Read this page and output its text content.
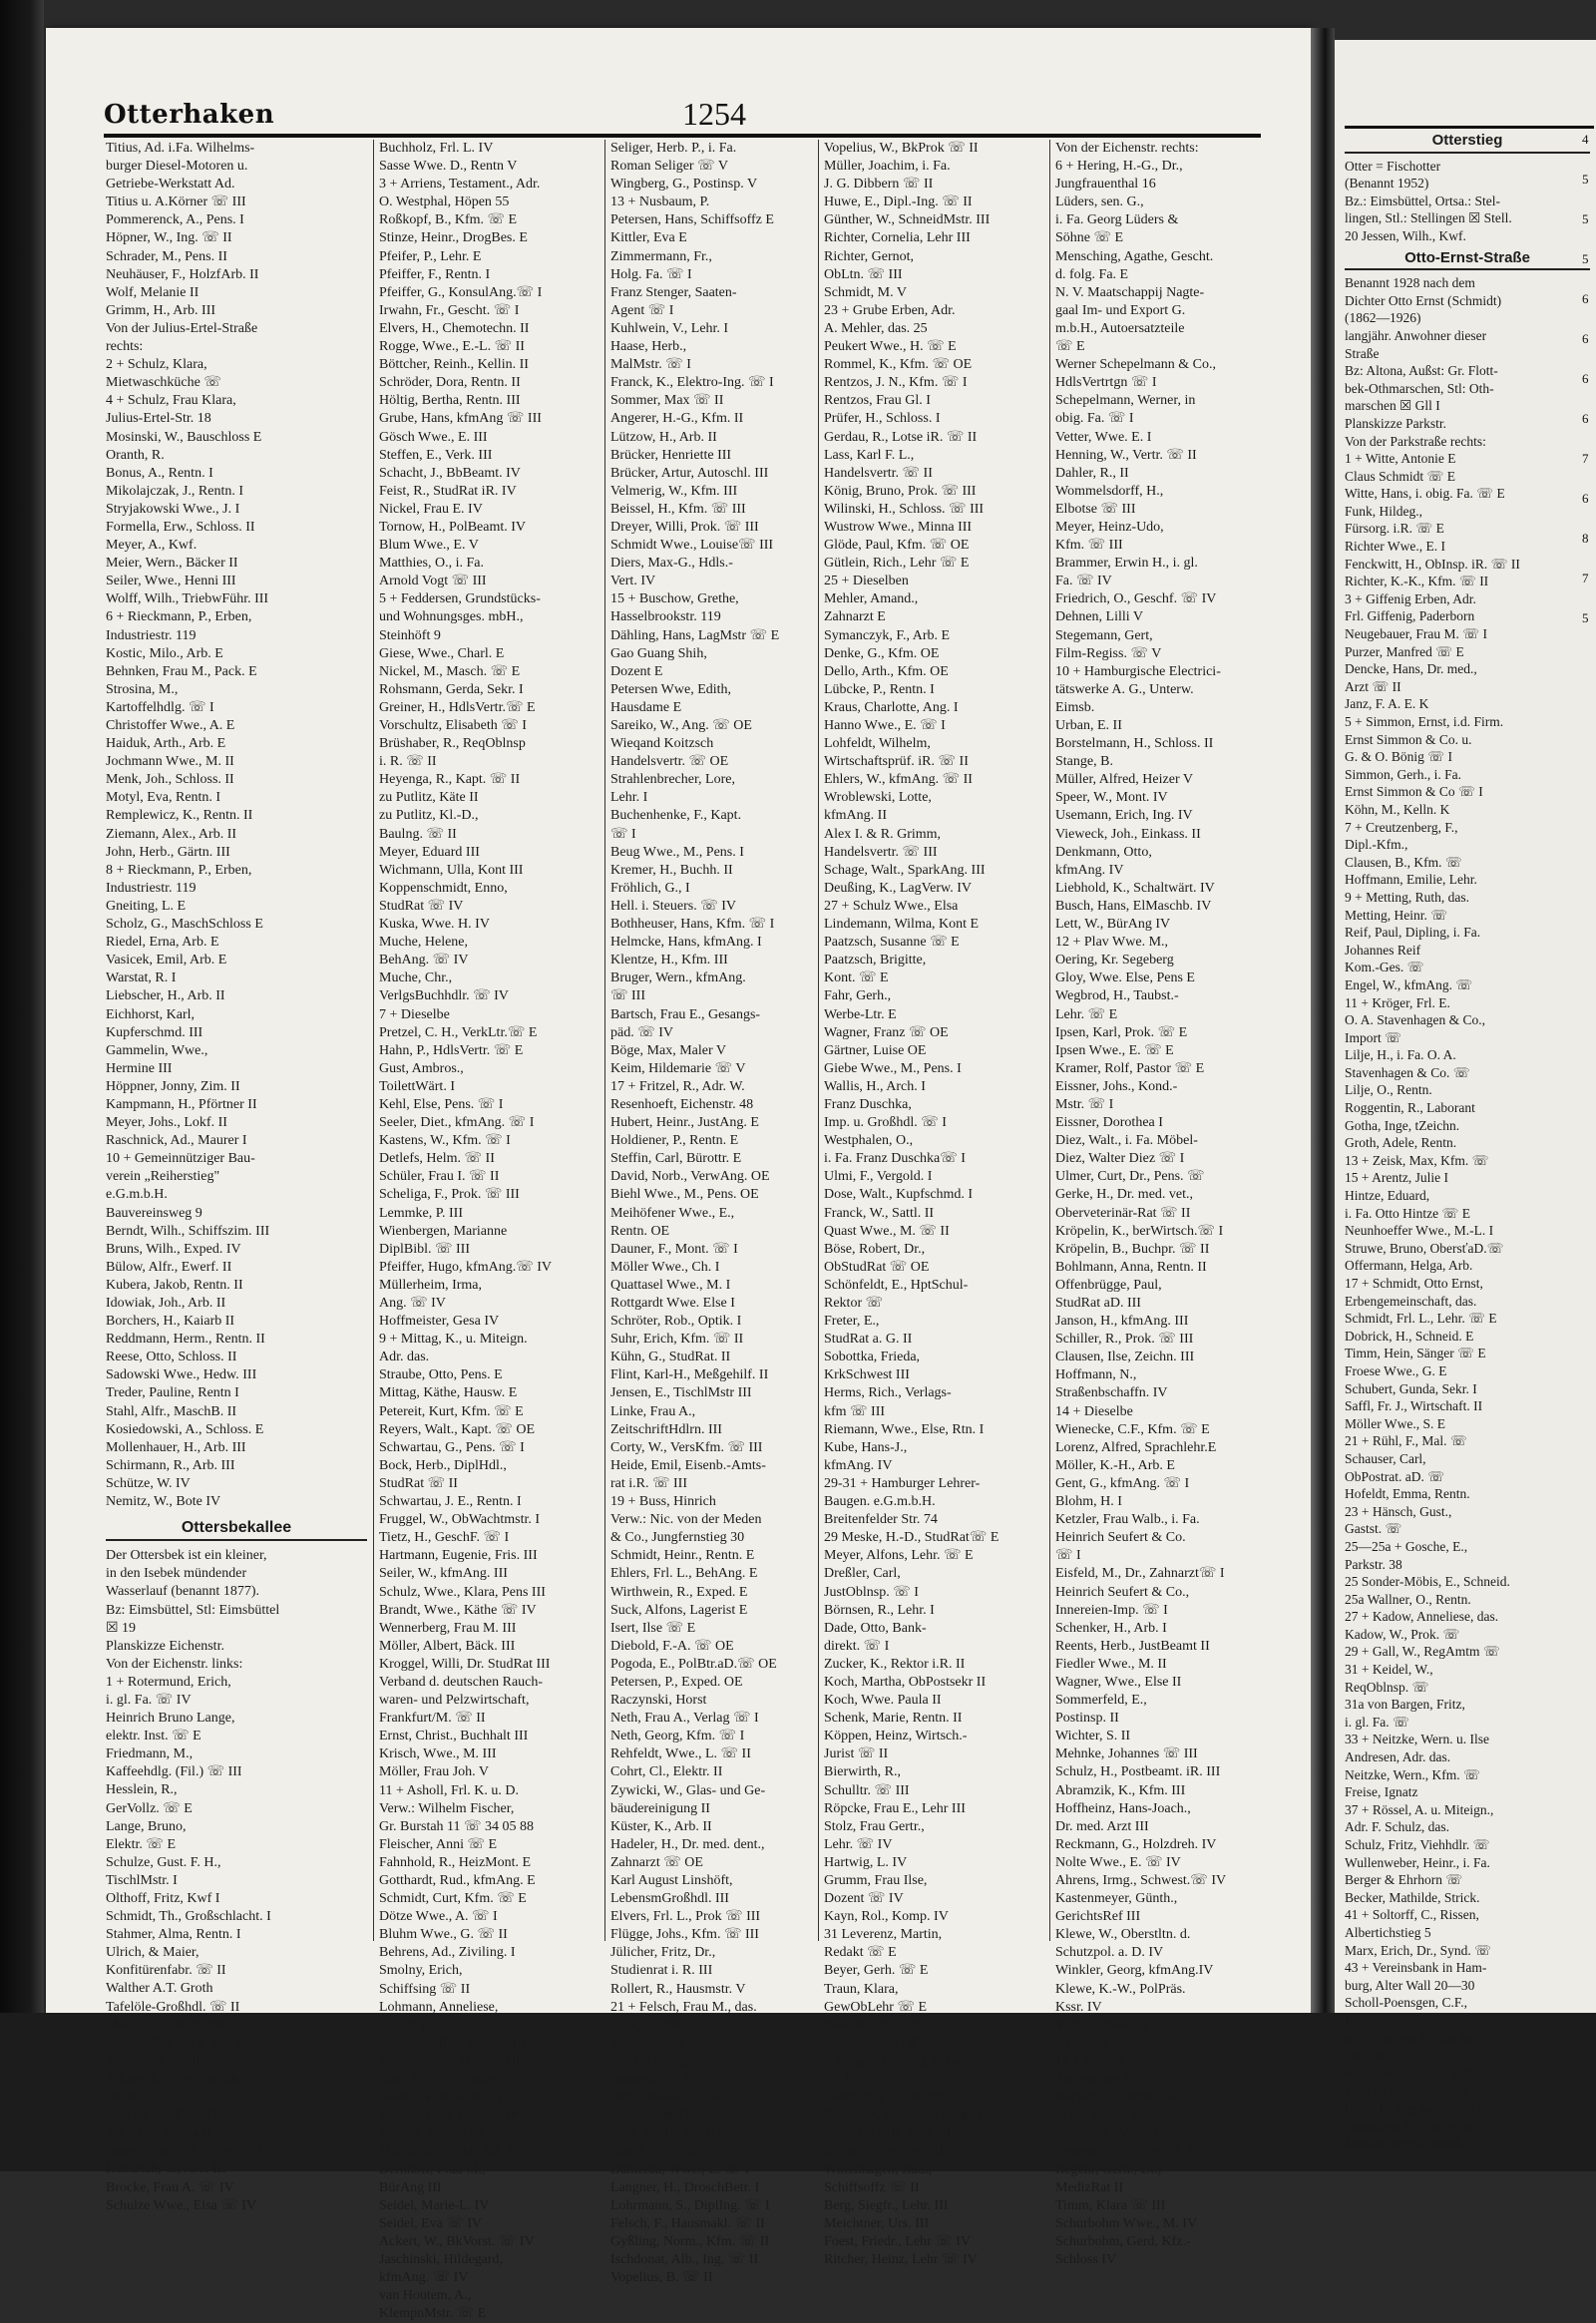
Otterhaken	1254
Titius, Ad. i.Fa. Wilhelms-
burger Diesel-Motoren u.
Getriebe-Werkstatt Ad.
Titius u. A.Körner ☏ III
Pommerenck, A., Pens. I
Höpner, W., Ing. ☏ II
Schrader, M., Pens. II
Neuhäuser, F., HolzfArb. II
Wolf, Melanie II
Grimm, H., Arb. III
Von der Julius-Ertel-Straße
rechts:
2 + Schulz, Klara,
Mietwaschküche ☏
4 + Schulz, Frau Klara,
Julius-Ertel-Str. 18
Mosinski, W., Bauschloss E
Oranth, R.
Bonus, A., Rentn. I
Mikolajczak, J., Rentn. I
Stryjakowski Wwe., J. I
Formella, Erw., Schloss. II
Meyer, A., Kwf.
Meier, Wern., Bäcker II
Seiler, Wwe., Henni III
Wolff, Wilh., TriebwFühr. III
6 + Rieckmann, P., Erben,
Industriestr. 119
Kostic, Milo., Arb. E
Behnken, Frau M., Pack. E
Strosina, M.,
Kartoffelhdlg. ☏ I
Christoffer Wwe., A. E
Haiduk, Arth., Arb. E
Jochmann Wwe., M. II
Menk, Joh., Schloss. II
Motyl, Eva, Rentn. I
Remplewicz, K., Rentn. II
Ziemann, Alex., Arb. II
John, Herb., Gärtn. III
8 + Rieckmann, P., Erben,
Industriestr. 119
Gneiting, L. E
Scholz, G., MaschSchloss E
Riedel, Erna, Arb. E
Vasicek, Emil, Arb. E
Warstat, R. I
Liebscher, H., Arb. II
Eichhorst, Karl,
Kupferschmd. III
Gammelin, Wwe.,
Hermine III
Höppner, Jonny, Zim. II
Kampmann, H., Pförtner II
Meyer, Johs., Lokf. II
Raschnick, Ad., Maurer I
10 + Gemeinnütziger Bau-
verein „Reiherstieg"
e.G.m.b.H.
Bauvereinsweg 9
Berndt, Wilh., Schiffszim. III
Bruns, Wilh., Exped. IV
Bülow, Alfr., Ewerf. II
Kubera, Jakob, Rentn. II
Idowiak, Joh., Arb. II
Borchers, H., Kaiarb II
Reddmann, Herm., Rentn. II
Reese, Otto, Schloss. II
Sadowski Wwe., Hedw. III
Treder, Pauline, Rentn I
Stahl, Alfr., MaschB. II
Kosiedowski, A., Schloss. E
Mollenhauer, H., Arb. III
Schirmann, R., Arb. III
Schütze, W. IV
Nemitz, W., Bote IV
Ottersbekallee
Der Ottersbek ist ein kleiner,
in den Isebek mündender
Wasserlauf (benannt 1877).
Bz: Eimsbüttel, Stl: Eimsbüttel
☒ 19
Planskizze Eichenstr.
Von der Eichenstr. links:
1 + Rotermund, Erich,
i. gl. Fa. ☏ IV
Heinrich Bruno Lange,
elektr. Inst. ☏ E
Friedmann, M.,
Kaffeehdlg. (Fil.) ☏ III
Hesslein, R.,
GerVollz. ☏ E
Lange, Bruno,
Elektr. ☏ E
Schulze, Gust. F. H.,
TischlMstr. I
Olthoff, Fritz, Kwf I
Schmidt, Th., Großschlacht. I
Stahmer, Alma, Rentn. I
Ulrich, & Maier,
Konfitürenfabr. ☏ II
Walther A.T. Groth
Tafelöle-Großhdl. ☏ II
Maier, Carl, Kfm. ☏ II
Groth, Olga, i. Fa. Walther
A.T. Groth ☏ II
Scheer, S., DiplBiblioth.
☏ III
Atheldt, H., Kfm. III
Scheffler, Frieda III
Jessen Wwe., M., Rentn. III
Hendrich, C., Arb. III
Brocke, Frau A. ☏ IV
Schulze Wwe., Elsa ☏ IV
Buchholz, Frl. L. IV
Sasse Wwe. D., Rentn V
3 + Arriens, Testament., Adr.
O. Westphal, Höpen 55
Roßkopf, B., Kfm. ☏ E
Stinze, Heinr., DrogBes. E
Pfeifer, P., Lehr. E
Pfeiffer, F., Rentn. I
Pfeiffer, G., KonsulAng.☏ I
Irwahn, Fr., Gescht. ☏ I
Elvers, H., Chemotechn. II
Rogge, Wwe., E.-L. ☏ II
Böttcher, Reinh., Kellin. II
Schröder, Dora, Rentn. II
Höltig, Bertha, Rentn. III
Grube, Hans, kfmAng ☏ III
Gösch Wwe., E. III
Steffen, E., Verk. III
Schacht, J., BbBeamt. IV
Feist, R., StudRat iR. IV
Nickel, Frau E. IV
Tornow, H., PolBeamt. IV
Blum Wwe., E. V
Matthies, O., i. Fa.
Arnold Vogt ☏ III
5 + Feddersen, Grundstücks-
und Wohnungsges. mbH.,
Steinhöft 9
Giese, Wwe., Charl. E
Nickel, M., Masch. ☏ E
Rohsmann, Gerda, Sekr. I
Greiner, H., HdlsVertr.☏ E
Vorschultz, Elisabeth ☏ I
Brüshaber, R., ReqOblnsp
i. R. ☏ II
Heyenga, R., Kapt. ☏ II
zu Putlitz, Käte II
zu Putlitz, Kl.-D.,
Baulng. ☏ II
Meyer, Eduard III
Wichmann, Ulla, Kont III
Koppenschmidt, Enno,
StudRat ☏ IV
Kuska, Wwe. H. IV
Muche, Helene,
BehAng. ☏ IV
Muche, Chr.,
VerlgsBuchhdlr. ☏ IV
7 + Dieselbe
Pretzel, C. H., VerkLtr.☏ E
Hahn, P., HdlsVertr. ☏ E
Gust, Ambros.,
ToilettWärt. I
Kehl, Else, Pens. ☏ I
Seeler, Diet., kfmAng. ☏ I
Kastens, W., Kfm. ☏ I
Detlefs, Helm. ☏ II
Schüler, Frau I. ☏ II
Scheliga, F., Prok. ☏ III
Lemmke, P. III
Wienbergen, Marianne
DiplBibl. ☏ III
Pfeiffer, Hugo, kfmAng.☏ IV
Müllerheim, Irma,
Ang. ☏ IV
Hoffmeister, Gesa IV
9 + Mittag, K., u. Miteign.
Adr. das.
Straube, Otto, Pens. E
Mittag, Käthe, Hausw. E
Petereit, Kurt, Kfm. ☏ E
Reyers, Walt., Kapt. ☏ OE
Schwartau, G., Pens. ☏ I
Bock, Herb., DiplHdl.,
StudRat ☏ II
Schwartau, J. E., Rentn. I
Fruggel, W., ObWachtmstr. I
Tietz, H., GeschF. ☏ I
Hartmann, Eugenie, Fris. III
Seiler, W., kfmAng. III
Schulz, Wwe., Klara, Pens III
Brandt, Wwe., Käthe ☏ IV
Wennerberg, Frau M. III
Möller, Albert, Bäck. III
Kroggel, Willi, Dr. StudRat III
Verband d. deutschen Rauch-
waren- und Pelzwirtschaft,
Frankfurt/M. ☏ II
Ernst, Christ., Buchhalt III
Krisch, Wwe., M. III
Möller, Frau Joh. V
11 + Asholl, Frl. K. u. D.
Verw.: Wilhelm Fischer,
Gr. Burstah 11 ☏ 34 05 88
Fleischer, Anni ☏ E
Fahnhold, R., HeizMont. E
Gotthardt, Rud., kfmAng. E
Schmidt, Curt, Kfm. ☏ E
Dötze Wwe., A. ☏ I
Bluhm Wwe., G. ☏ II
Behrens, Ad., Ziviling. I
Smolny, Erich,
Schiffsing ☏ II
Lohmann, Anneliese,
Apoth. II
Haller, Wolfg., Ing. ☏ III
Radde, Rich., Maschb III
Gast, H. u. W. Haller,
KonstruktBüro ☏ III
Bethke, Kurt, Ing. ☏ IV
Mulzer, Ernst, i.Fa.
Mulzer & Voelkel ☏ II
Dernhoff, Frau M.,
BürAng III
Seidel, Marie-L. IV
Seidel, Eva ☏ IV
Ackert, W., BkVorst. ☏ IV
Jaschinski, Hildegard,
kfmAng. ☏ IV
van Houtem, A.,
KlempnMstr. ☏ E
Seliger, Herb. P., i. Fa.
Roman Seliger ☏ V
Wingberg, G., Postinsp. V
13 + Nusbaum, P.
Petersen, Hans, Schiffsoffz E
Kittler, Eva E
Zimmermann, Fr.,
Holg. Fa. ☏ I
Franz Stenger, Saaten-
Agent ☏ I
Kuhlwein, V., Lehr. I
Haase, Herb.,
MalMstr. ☏ I
Franck, K., Elektro-Ing. ☏ I
Sommer, Max ☏ II
Angerer, H.-G., Kfm. II
Lützow, H., Arb. II
Brücker, Henriette III
Brücker, Artur, Autoschl. III
Velmerig, W., Kfm. III
Beissel, H., Kfm. ☏ III
Dreyer, Willi, Prok. ☏ III
Schmidt Wwe., Louise☏ III
Diers, Max-G., Hdls.-
Vert. IV
15 + Buschow, Grethe,
Hasselbrookstr. 119
Dähling, Hans, LagMstr ☏ E
Gao Guang Shih,
Dozent E
Petersen Wwe, Edith,
Hausdame E
Sareiko, W., Ang. ☏ OE
Wieqand Koitzsch
Handelsvertr. ☏ OE
Strahlenbrecher, Lore,
Lehr. I
Buchenhenke, F., Kapt.
☏ I
Beug Wwe., M., Pens. I
Kremer, H., Buchh. II
Fröhlich, G., I
Hell. i. Steuers. ☏ IV
Bothheuser, Hans, Kfm. ☏ I
Helmcke, Hans, kfmAng. I
Klentze, H., Kfm. III
Bruger, Wern., kfmAng.
☏ III
Bartsch, Frau E., Gesangs-
päd. ☏ IV
Böge, Max, Maler V
Keim, Hildemarie ☏ V
17 + Fritzel, R., Adr. W.
Resenhoeft, Eichenstr. 48
Hubert, Heinr., JustAng. E
Holdiener, P., Rentn. E
Steffin, Carl, Bürottr. E
David, Norb., VerwAng. OE
Biehl Wwe., M., Pens. OE
Meihöfener Wwe., E.,
Rentn. OE
Dauner, F., Mont. ☏ I
Möller Wwe., Ch. I
Quattasel Wwe., M. I
Rottgardt Wwe. Else I
Schröter, Rob., Optik. I
Suhr, Erich, Kfm. ☏ II
Kühn, G., StudRat. II
Flint, Karl-H., Meßgehilf. II
Jensen, E., TischlMstr III
Linke, Frau A.,
ZeitschriftHdlrn. III
Corty, W., VersKfm. ☏ III
Heide, Emil, Eisenb.-Amts-
rat i.R. ☏ III
19 + Buss, Hinrich
Verw.: Nic. von der Meden
& Co., Jungfernstieg 30
Schmidt, Heinr., Rentn. E
Ehlers, Frl. L., BehAng. E
Wirthwein, R., Exped. E
Suck, Alfons, Lagerist E
Isert, Ilse ☏ E
Diebold, F.-A. ☏ OE
Pogoda, E., PolBtr.aD.☏ OE
Petersen, P., Exped. OE
Raczynski, Horst
Neth, Frau A., Verlag ☏ I
Neth, Georg, Kfm. ☏ I
Rehfeldt, Wwe., L. ☏ II
Cohrt, Cl., Elektr. II
Zywicki, W., Glas- und Ge-
bäudereinigung II
Küster, K., Arb. II
Hadeler, H., Dr. med. dent.,
Zahnarzt ☏ OE
Karl August Linshöft,
LebensmGroßhdl. III
Elvers, Frl. L., Prok ☏ III
Flügge, Johs., Kfm. ☏ III
Jülicher, Fritz, Dr.,
Studienrat i. R. III
Rollert, R., Hausmstr. V
21 + Felsch, Frau M., das.
Holz, Siegm.,
Schiffsoffz. E
Eduard König,
Baumstr. ☏ E
von Massow, H.-W.,
Journal. ☏ OE
Voss, M.-H., Pens. OE
Rauch, Alfr. OE
Damerau, Wwe., L. ☏ I
Langner, H., DroschBetr. I
Lohrmann, S., DiplIng. ☏ I
Felsch, F., Hausmakl. ☏ II
Gyßling, Norm., Kfm. ☏ II
Ischdonat, Alb., Ing. ☏ II
Vopelius, B. ☏ II
Vopelius, W., BkProk ☏ II
Müller, Joachim, i. Fa.
J. G. Dibbern ☏ II
Huwe, E., Dipl.-Ing. ☏ II
Günther, W., SchneidMstr. III
Richter, Cornelia, Lehr III
Richter, Gernot,
ObLtn. ☏ III
Schmidt, M. V
23 + Grube Erben, Adr.
A. Mehler, das. 25
Peukert Wwe., H. ☏ E
Rommel, K., Kfm. ☏ OE
Rentzos, J. N., Kfm. ☏ I
Rentzos, Frau Gl. I
Prüfer, H., Schloss. I
Gerdau, R., Lotse iR. ☏ II
Lass, Karl F. L.,
Handelsvertr. ☏ II
König, Bruno, Prok. ☏ III
Wilinski, H., Schloss. ☏ III
Wustrow Wwe., Minna III
Glöde, Paul, Kfm. ☏ OE
Gütlein, Rich., Lehr ☏ E
25 + Dieselben
Mehler, Amand.,
Zahnarzt E
Symanczyk, F., Arb. E
Denke, G., Kfm. OE
Dello, Arth., Kfm. OE
Lübcke, P., Rentn. I
Kraus, Charlotte, Ang. I
Hanno Wwe., E. ☏ I
Lohfeldt, Wilhelm,
Wirtschaftsprüf. iR. ☏ II
Ehlers, W., kfmAng. ☏ II
Wroblewski, Lotte,
kfmAng. II
Alex I. & R. Grimm,
Handelsvertr. ☏ III
Schage, Walt., SparkAng. III
Deußing, K., LagVerw. IV
27 + Schulz Wwe., Elsa
Lindemann, Wilma, Kont E
Paatzsch, Susanne ☏ E
Paatzsch, Brigitte,
Kont. ☏ E
Fahr, Gerh.,
Werbe-Ltr. E
Wagner, Franz ☏ OE
Gärtner, Luise OE
Giebe Wwe., M., Pens. I
Wallis, H., Arch. I
Franz Duschka,
Imp. u. Großhdl. ☏ I
Westphalen, O.,
i. Fa. Franz Duschka☏ I
Ulmi, F., Vergold. I
Dose, Walt., Kupfschmd. I
Franck, W., Sattl. II
Quast Wwe., M. ☏ II
Böse, Robert, Dr.,
ObStudRat ☏ OE
Schönfeldt, E., HptSchul-
Rektor ☏
Freter, E.,
StudRat a. G. II
Sobottka, Frieda,
KrkSchwest III
Herms, Rich., Verlags-
kfm ☏ III
Riemann, Wwe., Else, Rtn. I
Kube, Hans-J.,
kfmAng. IV
29-31 + Hamburger Lehrer-
Baugen. e.G.m.b.H.
Breitenfelder Str. 74
29 Meske, H.-D., StudRat☏ E
Meyer, Alfons, Lehr. ☏ E
Dreßler, Carl,
JustOblnsp. ☏ I
Börnsen, R., Lehr. I
Dade, Otto, Bank-
direkt. ☏ I
Zucker, K., Rektor i.R. II
Koch, Martha, ObPostsekr II
Koch, Wwe. Paula II
Schenk, Marie, Rentn. II
Köppen, Heinz, Wirtsch.-
Jurist ☏ II
Bierwirth, R.,
Schulltr. ☏ III
Röpcke, Frau E., Lehr III
Stolz, Frau Gertr.,
Lehr. ☏ IV
Hartwig, L. IV
Grumm, Frau Ilse,
Dozent ☏ IV
Kayn, Rol., Komp. IV
31 Leverenz, Martin,
Redakt ☏ E
Beyer, Gerh. ☏ E
Traun, Klara,
GewObLehr ☏ E
Wunderlich, F.-G.,
Großschlacht ☏ I
Klempau, Gertrud, Lehr.
☏ I
Suhrbier, Erna, Rentn. I
Klimmek, U., Befracht ☏ I
Lüdtke, Gerh., Kfm. II
Berger, Ernst, Pens II
Wittenhagen, Rud.,
Schiffsoffz ☏ II
Berg, Siegfr., Lehr. III
Meichtner, Urs. III
Foest, Friedr., Lehr ☏ IV
Ritcher, Heinz, Lehr ☏ IV
Von der Eichenstr. rechts:
6 + Hering, H.-G., Dr.,
Jungfrauenthal 16
Lüders, sen. G.,
i. Fa. Georg Lüders &
Söhne ☏ E
Mensching, Agathe, Gescht.
d. folg. Fa. E
N. V. Maatschappij Nagte-
gaal Im- und Export G.
m.b.H., Autoersatzteile
☏ E
Werner Schepelmann & Co.,
HdlsVertrtgn ☏ I
Schepelmann, Werner, in
obig. Fa. ☏ I
Vetter, Wwe. E. I
Henning, W., Vertr. ☏ II
Dahler, R., II
Wommelsdorff, H.,
Elbotse ☏ III
Meyer, Heinz-Udo,
Kfm. ☏ III
Brammer, Erwin H., i. gl.
Fa. ☏ IV
Friedrich, O., Geschf. ☏ IV
Dehnen, Lilli V
Stegemann, Gert,
Film-Regiss. ☏ V
10 + Hamburgische Electrici-
tätswerke A. G., Unterw.
Eimsb.
Urban, E. II
Borstelmann, H., Schloss. II
Stange, B.
Müller, Alfred, Heizer V
Speer, W., Mont. IV
Usemann, Erich, Ing. IV
Vieweck, Joh., Einkass. II
Denkmann, Otto,
kfmAng. IV
Liebhold, K., Schaltwärt. IV
Busch, Hans, ElMaschb. IV
Lett, W., BürAng IV
12 + Plav Wwe. M.,
Oering, Kr. Segeberg
Gloy, Wwe. Else, Pens E
Wegbrod, H., Taubst.-
Lehr. ☏ E
Ipsen, Karl, Prok. ☏ E
Ipsen Wwe., E. ☏ E
Kramer, Rolf, Pastor ☏ E
Eissner, Johs., Kond.-
Mstr. ☏ I
Eissner, Dorothea I
Diez, Walt., i. Fa. Möbel-
Diez, Walter Diez ☏ I
Ulmer, Curt, Dr., Pens. ☏
Gerke, H., Dr. med. vet.,
Oberveterinär-Rat ☏ II
Kröpelin, K., berWirtsch.☏ I
Kröpelin, B., Buchpr. ☏ II
Bohlmann, Anna, Rentn. II
Offenbrügge, Paul,
StudRat aD. III
Janson, H., kfmAng. III
Schiller, R., Prok. ☏ III
Clausen, Ilse, Zeichn. III
Hoffmann, N.,
Straßenbschaffn. IV
14 + Dieselbe
Wienecke, C.F., Kfm. ☏ E
Lorenz, Alfred, Sprachlehr.E
Möller, K.-H., Arb. E
Gent, G., kfmAng. ☏ I
Blohm, H. I
Ketzler, Frau Walb., i. Fa.
Heinrich Seufert & Co.
☏ I
Eisfeld, M., Dr., Zahnarzt☏ I
Heinrich Seufert & Co.,
Innereien-Imp. ☏ I
Schenker, H., Arb. I
Reents, Herb., JustBeamt II
Fiedler Wwe., M. II
Wagner, Wwe., Else II
Sommerfeld, E.,
Postinsp. II
Wichter, S. II
Mehnke, Johannes ☏ III
Schulz, H., Postbeamt. iR. III
Abramzik, K., Kfm. III
Hoffheinz, Hans-Joach.,
Dr. med. Arzt III
Reckmann, G., Holzdreh. IV
Nolte Wwe., E. ☏ IV
Ahrens, Irmg., Schwest.☏ IV
Kastenmeyer, Günth.,
GerichtsRef III
Klewe, W., Oberstltn. d.
Schutzpol. a. D. IV
Winkler, Georg, kfmAng.IV
Klewe, K.-W., PolPräs.
Kssr. IV
Tscheuschner, H.,
Hausw. V
16 + Arriens, J. H.,
Am Weiher 31
Wichert, R., VerkFahr. E
Stark, Frieda E
Werner, E. Maler OE
Neumann, C., Ang. ☏ I
Regehr, Gerh., Dr.,
MedizRat II
Timm, Klara ☏ III
Schurbohm Wwe., M. IV
Schurbohm, Gerd, Kfz.-
Schloss IV
Otterstieg
Otter = Fischotter
(Benannt 1952)
Bz.: Eimsbüttel, Ortsa.: Stel-
lingen, Stl.: Stellingen ☒ Stell.
20 Jessen, Wilh., Kwf.
Otto-Ernst-Straße
Benannt 1928 nach dem
Dichter Otto Ernst (Schmidt)
(1862—1926)
langjähr. Anwohner dieser
Straße
Bz: Altona, Außst: Gr. Flott-
bek-Othmarschen, Stl: Oth-
marschen ☒ Gll I
Planskizze Parkstr.
Von der Parkstraße rechts:
1 + Witte, Antonie E
Claus Schmidt ☏ E
Witte, Hans, i. obig. Fa. ☏ E
Funk, Hildeg.,
Fürsorg. i.R. ☏ E
Richter Wwe., E. I
Fenckwitt, H., ObInsp. iR. ☏ II
Richter, K.-K., Kfm. ☏ II
3 + Giffenig Erben, Adr.
Frl. Giffenig, Paderborn
Neugebauer, Frau M. ☏ I
Purzer, Manfred ☏ E
Dencke, Hans, Dr. med.,
Arzt ☏ II
Janz, F. A. E. K
5 + Simmon, Ernst, i.d. Firm.
Ernst Simmon & Co. u.
G. & O. Bönig ☏ I
Simmon, Gerh., i. Fa.
Ernst Simmon & Co ☏ I
Köhn, M., Kelln. K
7 + Creutzenberg, F.,
Dipl.-Kfm.,
Clausen, B., Kfm. ☏
Hoffmann, Emilie, Lehr.
9 + Metting, Ruth, das.
Metting, Heinr. ☏
Reif, Paul, Dipling, i. Fa.
Johannes Reif
Kom.-Ges. ☏
Engel, W., kfmAng. ☏
11 + Kröger, Frl. E.
O. A. Stavenhagen & Co.,
Import ☏
Lilje, H., i. Fa. O. A.
Stavenhagen & Co. ☏
Lilje, O., Rentn.
Roggentin, R., Laborant
Gotha, Inge, tZeichn.
Groth, Adele, Rentn.
13 + Zeisk, Max, Kfm. ☏
15 + Arentz, Julie I
Hintze, Eduard,
i. Fa. Otto Hintze ☏ E
Neunhoeffer Wwe., M.-L. I
Struwe, Bruno, ObersťaD.☏
Offermann, Helga, Arb.
17 + Schmidt, Otto Ernst,
Erbengemeinschaft, das.
Schmidt, Frl. L., Lehr. ☏ E
Dobrick, H., Schneid. E
Timm, Hein, Sänger ☏ E
Froese Wwe., G. E
Schubert, Gunda, Sekr. I
Saffl, Fr. J., Wirtschaft. II
Möller Wwe., S. E
21 + Rühl, F., Mal. ☏
Schauser, Carl,
ObPostrat. aD. ☏
Hofeldt, Emma, Rentn.
23 + Hänsch, Gust.,
Gastst. ☏
25—25a + Gosche, E.,
Parkstr. 38
25 Sonder-Möbis, E., Schneid.
25a Wallner, O., Rentn.
27 + Kadow, Anneliese, das.
Kadow, W., Prok. ☏
29 + Gall, W., RegAmtm ☏
31 + Keidel, W.,
ReqOblnsp. ☏
31a von Bargen, Fritz,
i. gl. Fa. ☏
33 + Neitzke, Wern. u. Ilse
Andresen, Adr. das.
Neitzke, Wern., Kfm. ☏
Freise, Ignatz
37 + Rössel, A. u. Miteign.,
Adr. F. Schulz, das.
Schulz, Fritz, Viehhdlr. ☏
Wullenweber, Heinr., i. Fa.
Berger & Ehrhorn ☏
Becker, Mathilde, Strick.
41 + Soltorff, C., Rissen,
Albertichstieg 5
Marx, Erich, Dr., Synd. ☏
43 + Vereinsbank in Ham-
burg, Alter Wall 20—30
Scholl-Poensgen, C.F.,
Dr., ObFinPräs. aD.
45 + Finnern, R., Dr. Ing.
Doz. ☏
47 + Reeh Frau E., und
Frau G. Hagedorn, das.
Reeh, F., RegAmtm. a. D.
Hagedorn, C., VersAng.
Jahnke, Helga, Buchh.
4
5
5
5
6
6
6
6
7
6
8
7
5
